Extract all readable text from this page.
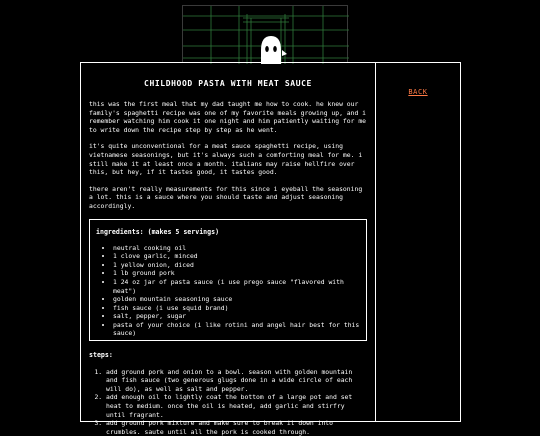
CHILDHOOD PASTA WITH MEAT SAUCE

this was the first meal that my dad taught me how to cook. he knew our family's spaghetti recipe was one of my favorite meals growing up, and i remember watching him cook it one night and him patiently waiting for me to write down the recipe step by step as he went.

it's quite unconventional for a meat sauce spaghetti recipe, using vietnamese seasonings, but it's always such a comforting meal for me. i still make it at least once a month. italians may raise hellfire over this, but hey, if it tastes good, it tastes good.

there aren't really measurements for this since i eyeball the seasoning a lot. this is a sauce where you should taste and adjust seasoning accordingly.

ingredients: (makes 5 servings)
• neutral cooking oil
• 1 clove garlic, minced
• 1 yellow onion, diced
• 1 lb ground pork
• 1 24 oz jar of pasta sauce (i use prego sauce "flavored with meat")
• golden mountain seasoning sauce
• fish sauce (i use squid brand)
• salt, pepper, sugar
• pasta of your choice (i like rotini and angel hair best for this sauce)
steps:
1. add ground pork and onion to a bowl. season with golden mountain and fish sauce (two generous glugs done in a wide circle of each will do), as well as salt and pepper.
2. add enough oil to lightly coat the bottom of a large pot and set heat to medium. once the oil is heated, add garlic and stirfry until fragrant.
3. add ground pork mixture and make sure to break it down into crumbles. saute until all the pork is cooked through.
BACK
